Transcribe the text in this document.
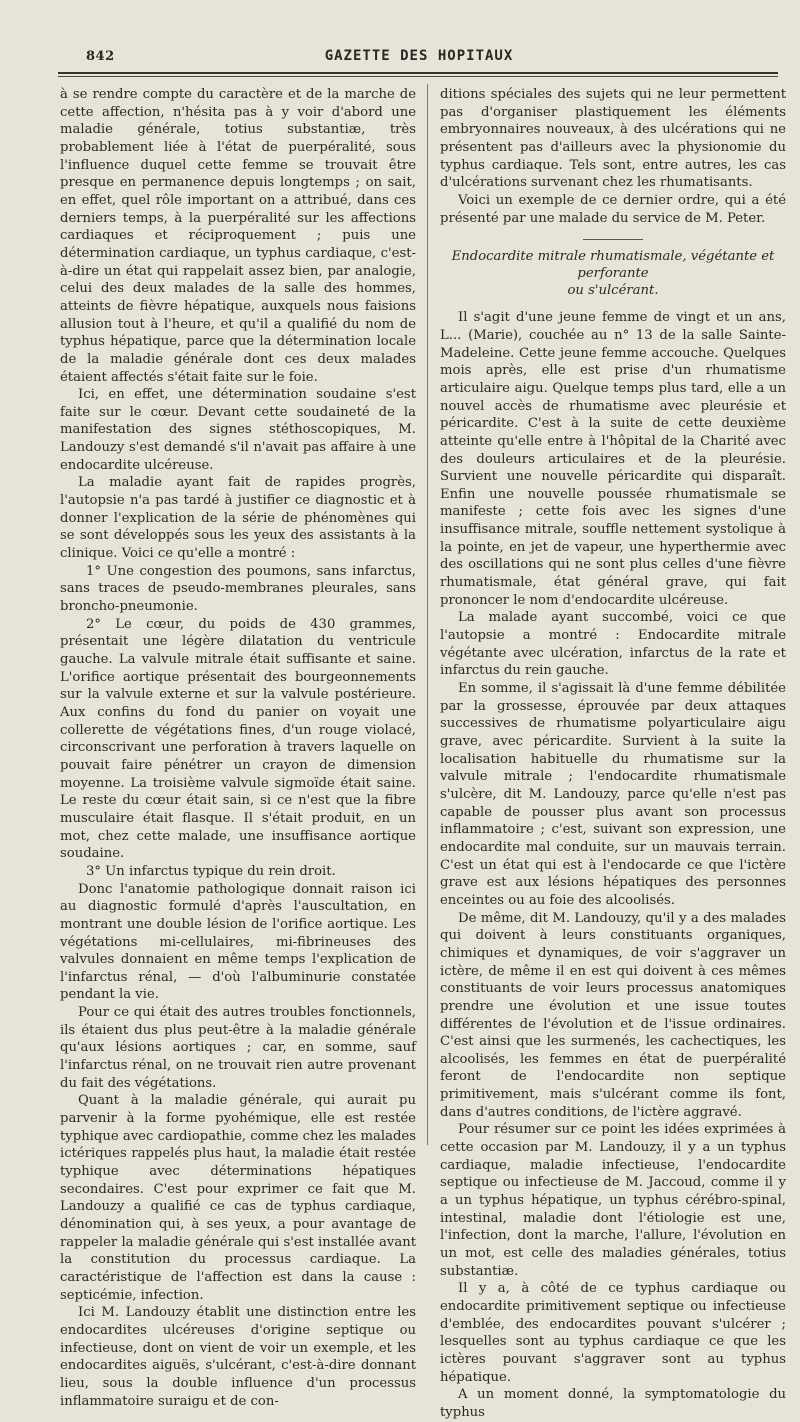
842	GAZETTE DES HOPITAUX

à se rendre compte du caractère et de la marche de cette affection, n'hésita pas à y voir d'abord une maladie générale, totius substantiæ, très probablement liée à l'état de puerpéralité, sous l'influence duquel cette femme se trouvait être presque en permanence depuis longtemps ; on sait, en effet, quel rôle important on a attribué, dans ces derniers temps, à la puerpéralité sur les affections cardiaques et réciproquement ; puis une détermination cardiaque, un typhus cardiaque, c'est-à-dire un état qui rappelait assez bien, par analogie, celui des deux malades de la salle des hommes, atteints de fièvre hépatique, auxquels nous faisions allusion tout à l'heure, et qu'il a qualifié du nom de typhus hépatique, parce que la détermination locale de la maladie générale dont ces deux malades étaient affectés s'était faite sur le foie.

Ici, en effet, une détermination soudaine s'est faite sur le cœur. Devant cette soudaineté de la manifestation des signes stéthoscopiques, M. Landouzy s'est demandé s'il n'avait pas affaire à une endocardite ulcéreuse.

La maladie ayant fait de rapides progrès, l'autopsie n'a pas tardé à justifier ce diagnostic et à donner l'explication de la série de phénomènes qui se sont développés sous les yeux des assistants à la clinique. Voici ce qu'elle a montré :

1° Une congestion des poumons, sans infarctus, sans traces de pseudo-membranes pleurales, sans broncho-pneumonie.

2° Le cœur, du poids de 430 grammes, présentait une légère dilatation du ventricule gauche. La valvule mitrale était suffisante et saine. L'orifice aortique présentait des bourgeonnements sur la valvule externe et sur la valvule postérieure. Aux confins du fond du panier on voyait une collerette de végétations fines, d'un rouge violacé, circonscrivant une perforation à travers laquelle on pouvait faire pénétrer un crayon de dimension moyenne. La troisième valvule sigmoïde était saine. Le reste du cœur était sain, si ce n'est que la fibre musculaire était flasque. Il s'était produit, en un mot, chez cette malade, une insuffisance aortique soudaine.

3° Un infarctus typique du rein droit.

Donc l'anatomie pathologique donnait raison ici au diagnostic formulé d'après l'auscultation, en montrant une double lésion de l'orifice aortique. Les végétations mi-cellulaires, mi-fibrineuses des valvules donnaient en même temps l'explication de l'infarctus rénal, — d'où l'albuminurie constatée pendant la vie.

Pour ce qui était des autres troubles fonctionnels, ils étaient dus plus peut-être à la maladie générale qu'aux lésions aortiques ; car, en somme, sauf l'infarctus rénal, on ne trouvait rien autre provenant du fait des végétations.

Quant à la maladie générale, qui aurait pu parvenir à la forme pyohémique, elle est restée typhique avec cardiopathie, comme chez les malades ictériques rappelés plus haut, la maladie était restée typhique avec déterminations hépatiques secondaires. C'est pour exprimer ce fait que M. Landouzy a qualifié ce cas de typhus cardiaque, dénomination qui, à ses yeux, a pour avantage de rappeler la maladie générale qui s'est installée avant la constitution du processus cardiaque. La caractéristique de l'affection est dans la cause : septicémie, infection.

Ici M. Landouzy établit une distinction entre les endocardites ulcéreuses d'origine septique ou infectieuse, dont on vient de voir un exemple, et les endocardites aiguës, s'ulcérant, c'est-à-dire donnant lieu, sous la double influence d'un processus inflammatoire suraigu et de con-

ditions spéciales des sujets qui ne leur permettent pas d'organiser plastiquement les éléments embryonnaires nouveaux, à des ulcérations qui ne présentent pas d'ailleurs avec la physionomie du typhus cardiaque. Tels sont, entre autres, les cas d'ulcérations survenant chez les rhumatisants.

Voici un exemple de ce dernier ordre, qui a été présenté par une malade du service de M. Peter.

Endocardite mitrale rhumatismale, végétante et perforante
ou s'ulcérant.

Il s'agit d'une jeune femme de vingt et un ans, L... (Marie), couchée au n° 13 de la salle Sainte-Madeleine. Cette jeune femme accouche. Quelques mois après, elle est prise d'un rhumatisme articulaire aigu. Quelque temps plus tard, elle a un nouvel accès de rhumatisme avec pleurésie et péricardite. C'est à la suite de cette deuxième atteinte qu'elle entre à l'hôpital de la Charité avec des douleurs articulaires et de la pleurésie. Survient une nouvelle péricardite qui disparaît. Enfin une nouvelle poussée rhumatismale se manifeste ; cette fois avec les signes d'une insuffisance mitrale, souffle nettement systolique à la pointe, en jet de vapeur, une hyperthermie avec des oscillations qui ne sont plus celles d'une fièvre rhumatismale, état général grave, qui fait prononcer le nom d'endocardite ulcéreuse.

La malade ayant succombé, voici ce que l'autopsie a montré : Endocardite mitrale végétante avec ulcération, infarctus de la rate et infarctus du rein gauche.

En somme, il s'agissait là d'une femme débilitée par la grossesse, éprouvée par deux attaques successives de rhumatisme polyarticulaire aigu grave, avec péricardite. Survient à la suite la localisation habituelle du rhumatisme sur la valvule mitrale ; l'endocardite rhumatismale s'ulcère, dit M. Landouzy, parce qu'elle n'est pas capable de pousser plus avant son processus inflammatoire ; c'est, suivant son expression, une endocardite mal conduite, sur un mauvais terrain. C'est un état qui est à l'endocarde ce que l'ictère grave est aux lésions hépatiques des personnes enceintes ou au foie des alcoolisés.

De même, dit M. Landouzy, qu'il y a des malades qui doivent à leurs constituants organiques, chimiques et dynamiques, de voir s'aggraver un ictère, de même il en est qui doivent à ces mêmes constituants de voir leurs processus anatomiques prendre une évolution et une issue toutes différentes de l'évolution et de l'issue ordinaires. C'est ainsi que les surmenés, les cachectiques, les alcoolisés, les femmes en état de puerpéralité feront de l'endocardite non septique primitivement, mais s'ulcérant comme ils font, dans d'autres conditions, de l'ictère aggravé.

Pour résumer sur ce point les idées exprimées à cette occasion par M. Landouzy, il y a un typhus cardiaque, maladie infectieuse, l'endocardite septique ou infectieuse de M. Jaccoud, comme il y a un typhus hépatique, un typhus cérébro-spinal, intestinal, maladie dont l'étiologie est une, l'infection, dont la marche, l'allure, l'évolution en un mot, est celle des maladies générales, totius substantiæ.

Il y a, à côté de ce typhus cardiaque ou endocardite primitivement septique ou infectieuse d'emblée, des endocardites pouvant s'ulcérer ; lesquelles sont au typhus cardiaque ce que les ictères pouvant s'aggraver sont au typhus hépatique.

A un moment donné, la symptomatologie du typhus
